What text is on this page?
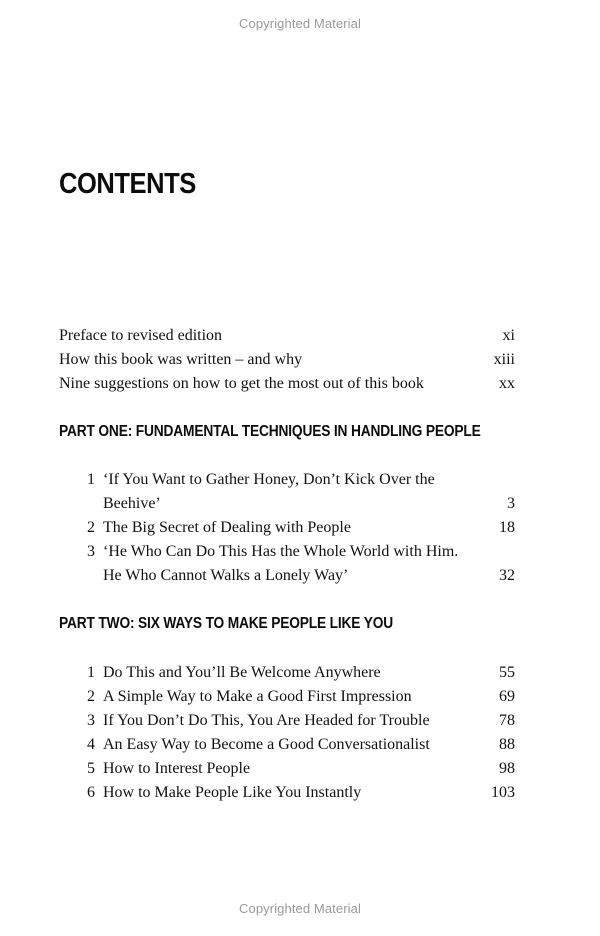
Copyrighted Material
CONTENTS
Preface to revised edition	xi
How this book was written – and why	xiii
Nine suggestions on how to get the most out of this book	xx
PART ONE: FUNDAMENTAL TECHNIQUES IN HANDLING PEOPLE
1 ‘If You Want to Gather Honey, Don’t Kick Over the
Beehive’	3
2 The Big Secret of Dealing with People	18
3 ‘He Who Can Do This Has the Whole World with Him.
He Who Cannot Walks a Lonely Way’	32
PART TWO: SIX WAYS TO MAKE PEOPLE LIKE YOU
1 Do This and You’ll Be Welcome Anywhere	55
2 A Simple Way to Make a Good First Impression	69
3 If You Don’t Do This, You Are Headed for Trouble	78
4 An Easy Way to Become a Good Conversationalist	88
5 How to Interest People	98
6 How to Make People Like You Instantly	103
Copyrighted Material
